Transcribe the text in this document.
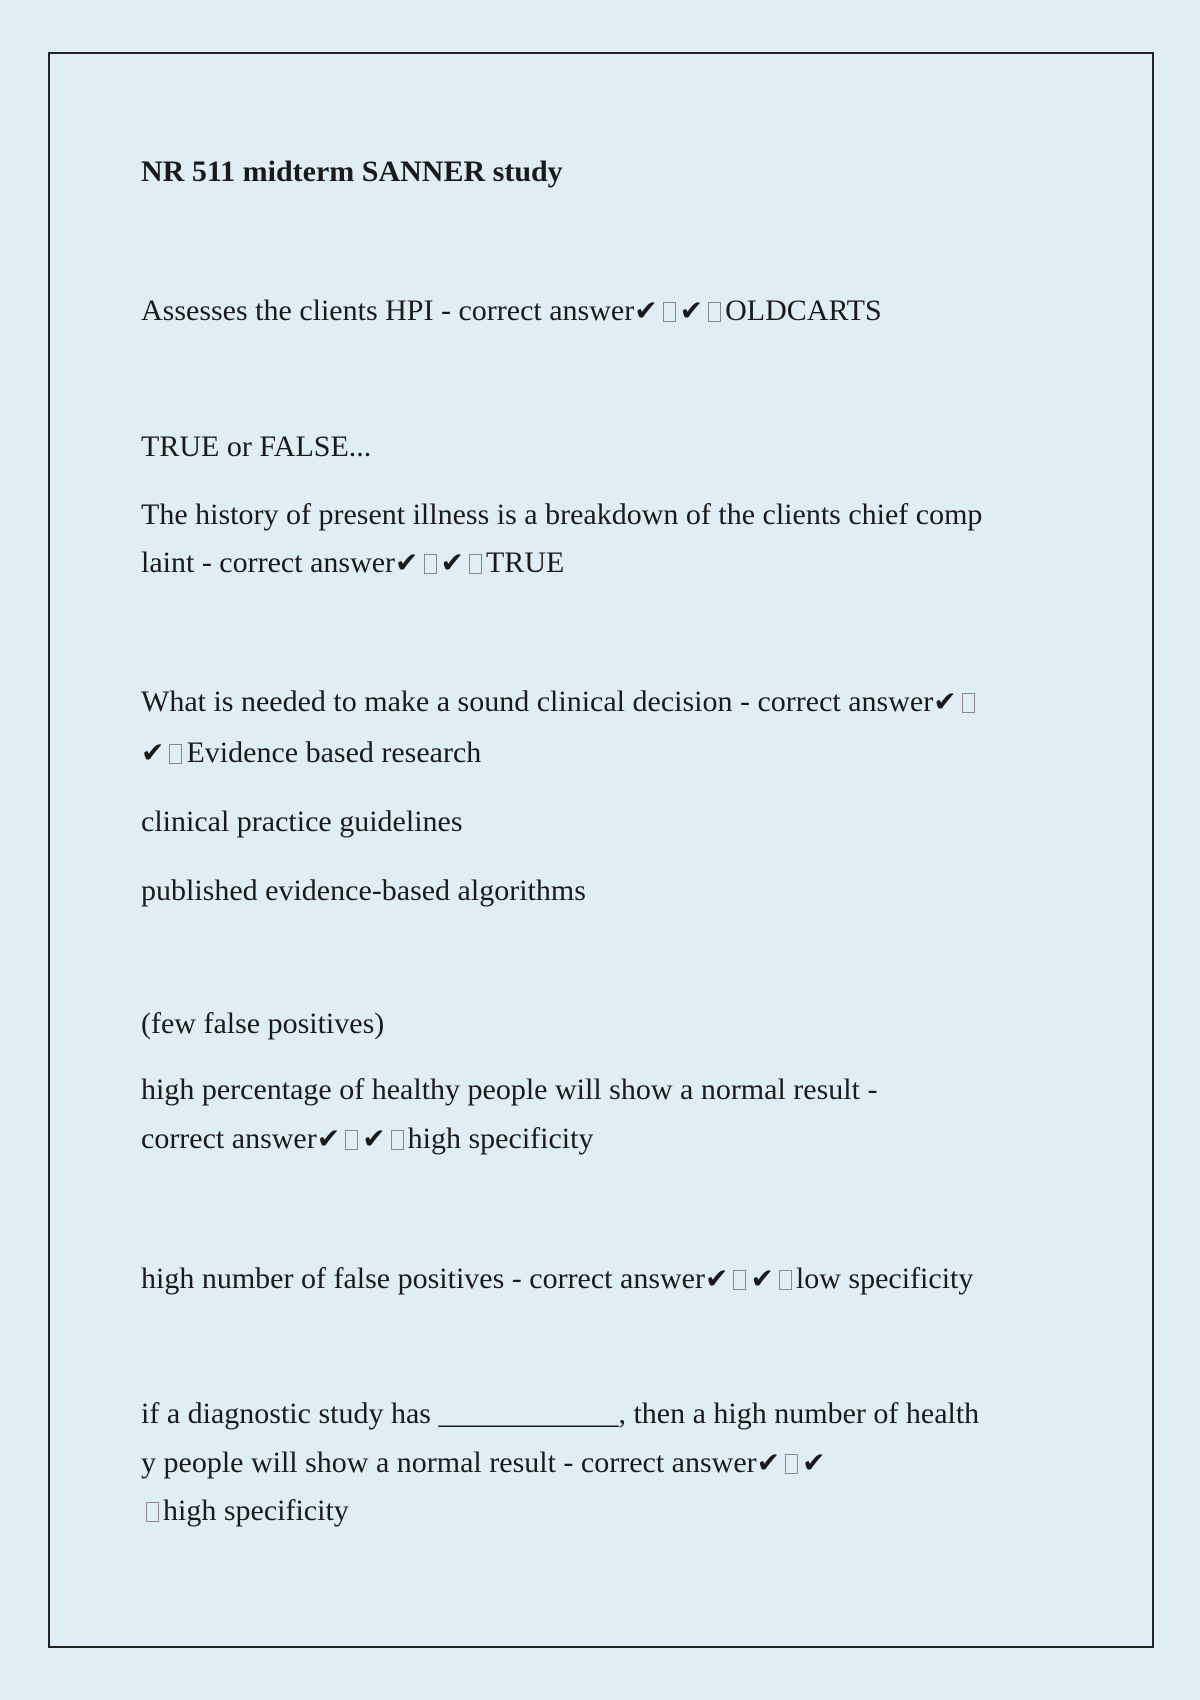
NR 511 midterm SANNER study
Assesses the clients HPI - correct answer✔ ✔ OLDCARTS
TRUE or FALSE...
The history of present illness is a breakdown of the clients chief comp
laint - correct answer✔ ✔ TRUE
What is needed to make a sound clinical decision - correct answer✔
✔ Evidence based research
clinical practice guidelines
published evidence-based algorithms
(few false positives)
high percentage of healthy people will show a normal result -
correct answer✔ ✔ high specificity
high number of false positives - correct answer✔ ✔ low specificity
if a diagnostic study has ____________, then a high number of health
y people will show a normal result - correct answer✔ ✔
high specificity
